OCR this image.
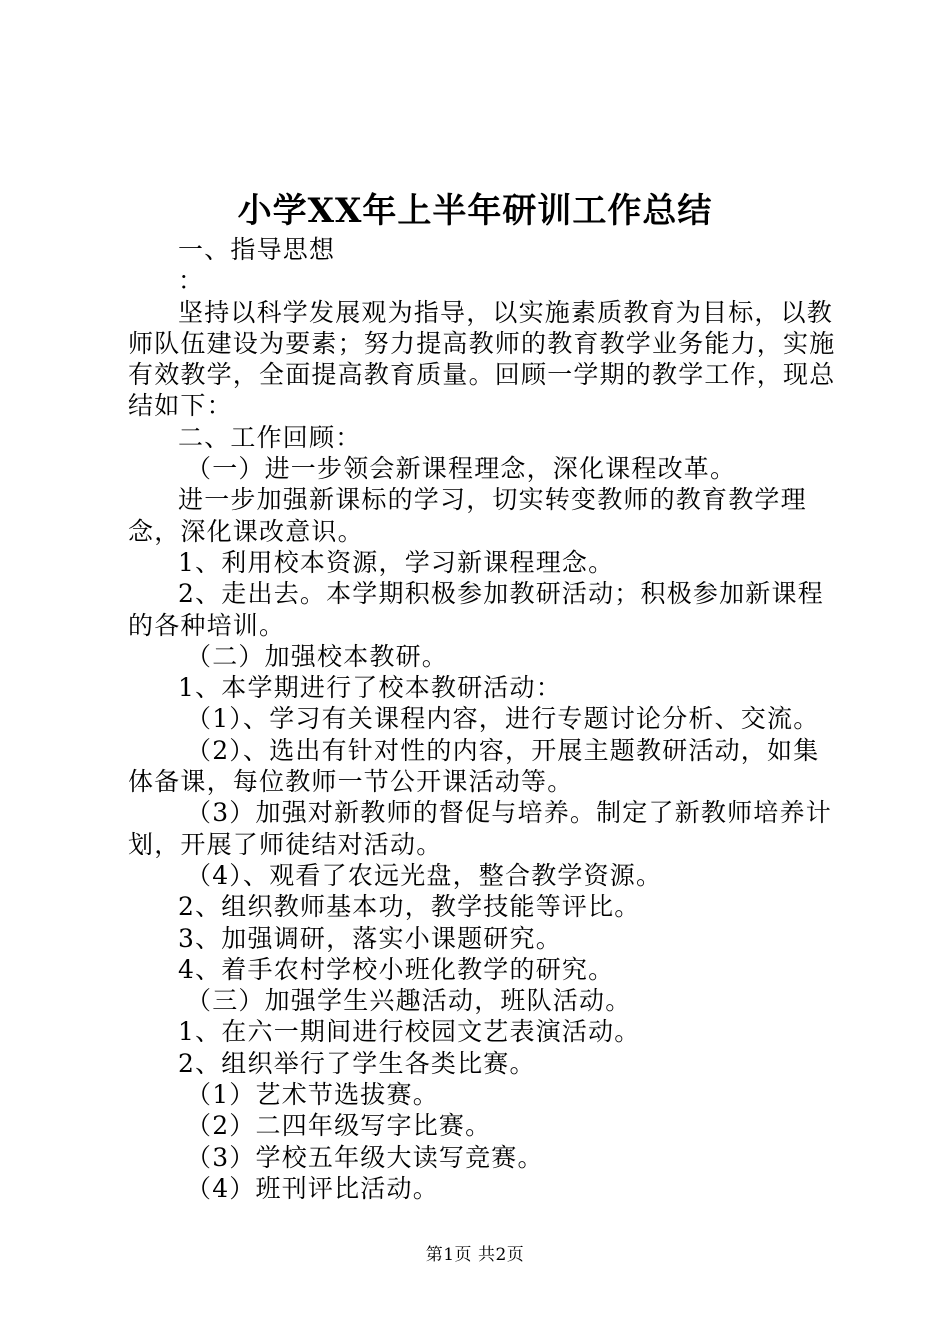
小学XX年上半年研训工作总结

一、指导思想

：

坚持以科学发展观为指导，以实施素质教育为目标，以教师队伍建设为要素；努力提高教师的教育教学业务能力，实施有效教学，全面提高教育质量。回顾一学期的教学工作，现总结如下：

二、工作回顾：

（一）进一步领会新课程理念，深化课程改革。

进一步加强新课标的学习，切实转变教师的教育教学理念，深化课改意识。

1、利用校本资源，学习新课程理念。

2、走出去。本学期积极参加教研活动；积极参加新课程的各种培训。

（二）加强校本教研。

1、本学期进行了校本教研活动：

（1）、学习有关课程内容，进行专题讨论分析、交流。

（2）、选出有针对性的内容，开展主题教研活动，如集体备课，每位教师一节公开课活动等。

（3）加强对新教师的督促与培养。制定了新教师培养计划，开展了师徒结对活动。

（4）、观看了农远光盘，整合教学资源。

2、组织教师基本功，教学技能等评比。

3、加强调研，落实小课题研究。

4、着手农村学校小班化教学的研究。

（三）加强学生兴趣活动，班队活动。

1、在六一期间进行校园文艺表演活动。

2、组织举行了学生各类比赛。

（1）艺术节选拔赛。

（2）二四年级写字比赛。

（3）学校五年级大读写竞赛。

（4）班刊评比活动。

第1页 共2页
